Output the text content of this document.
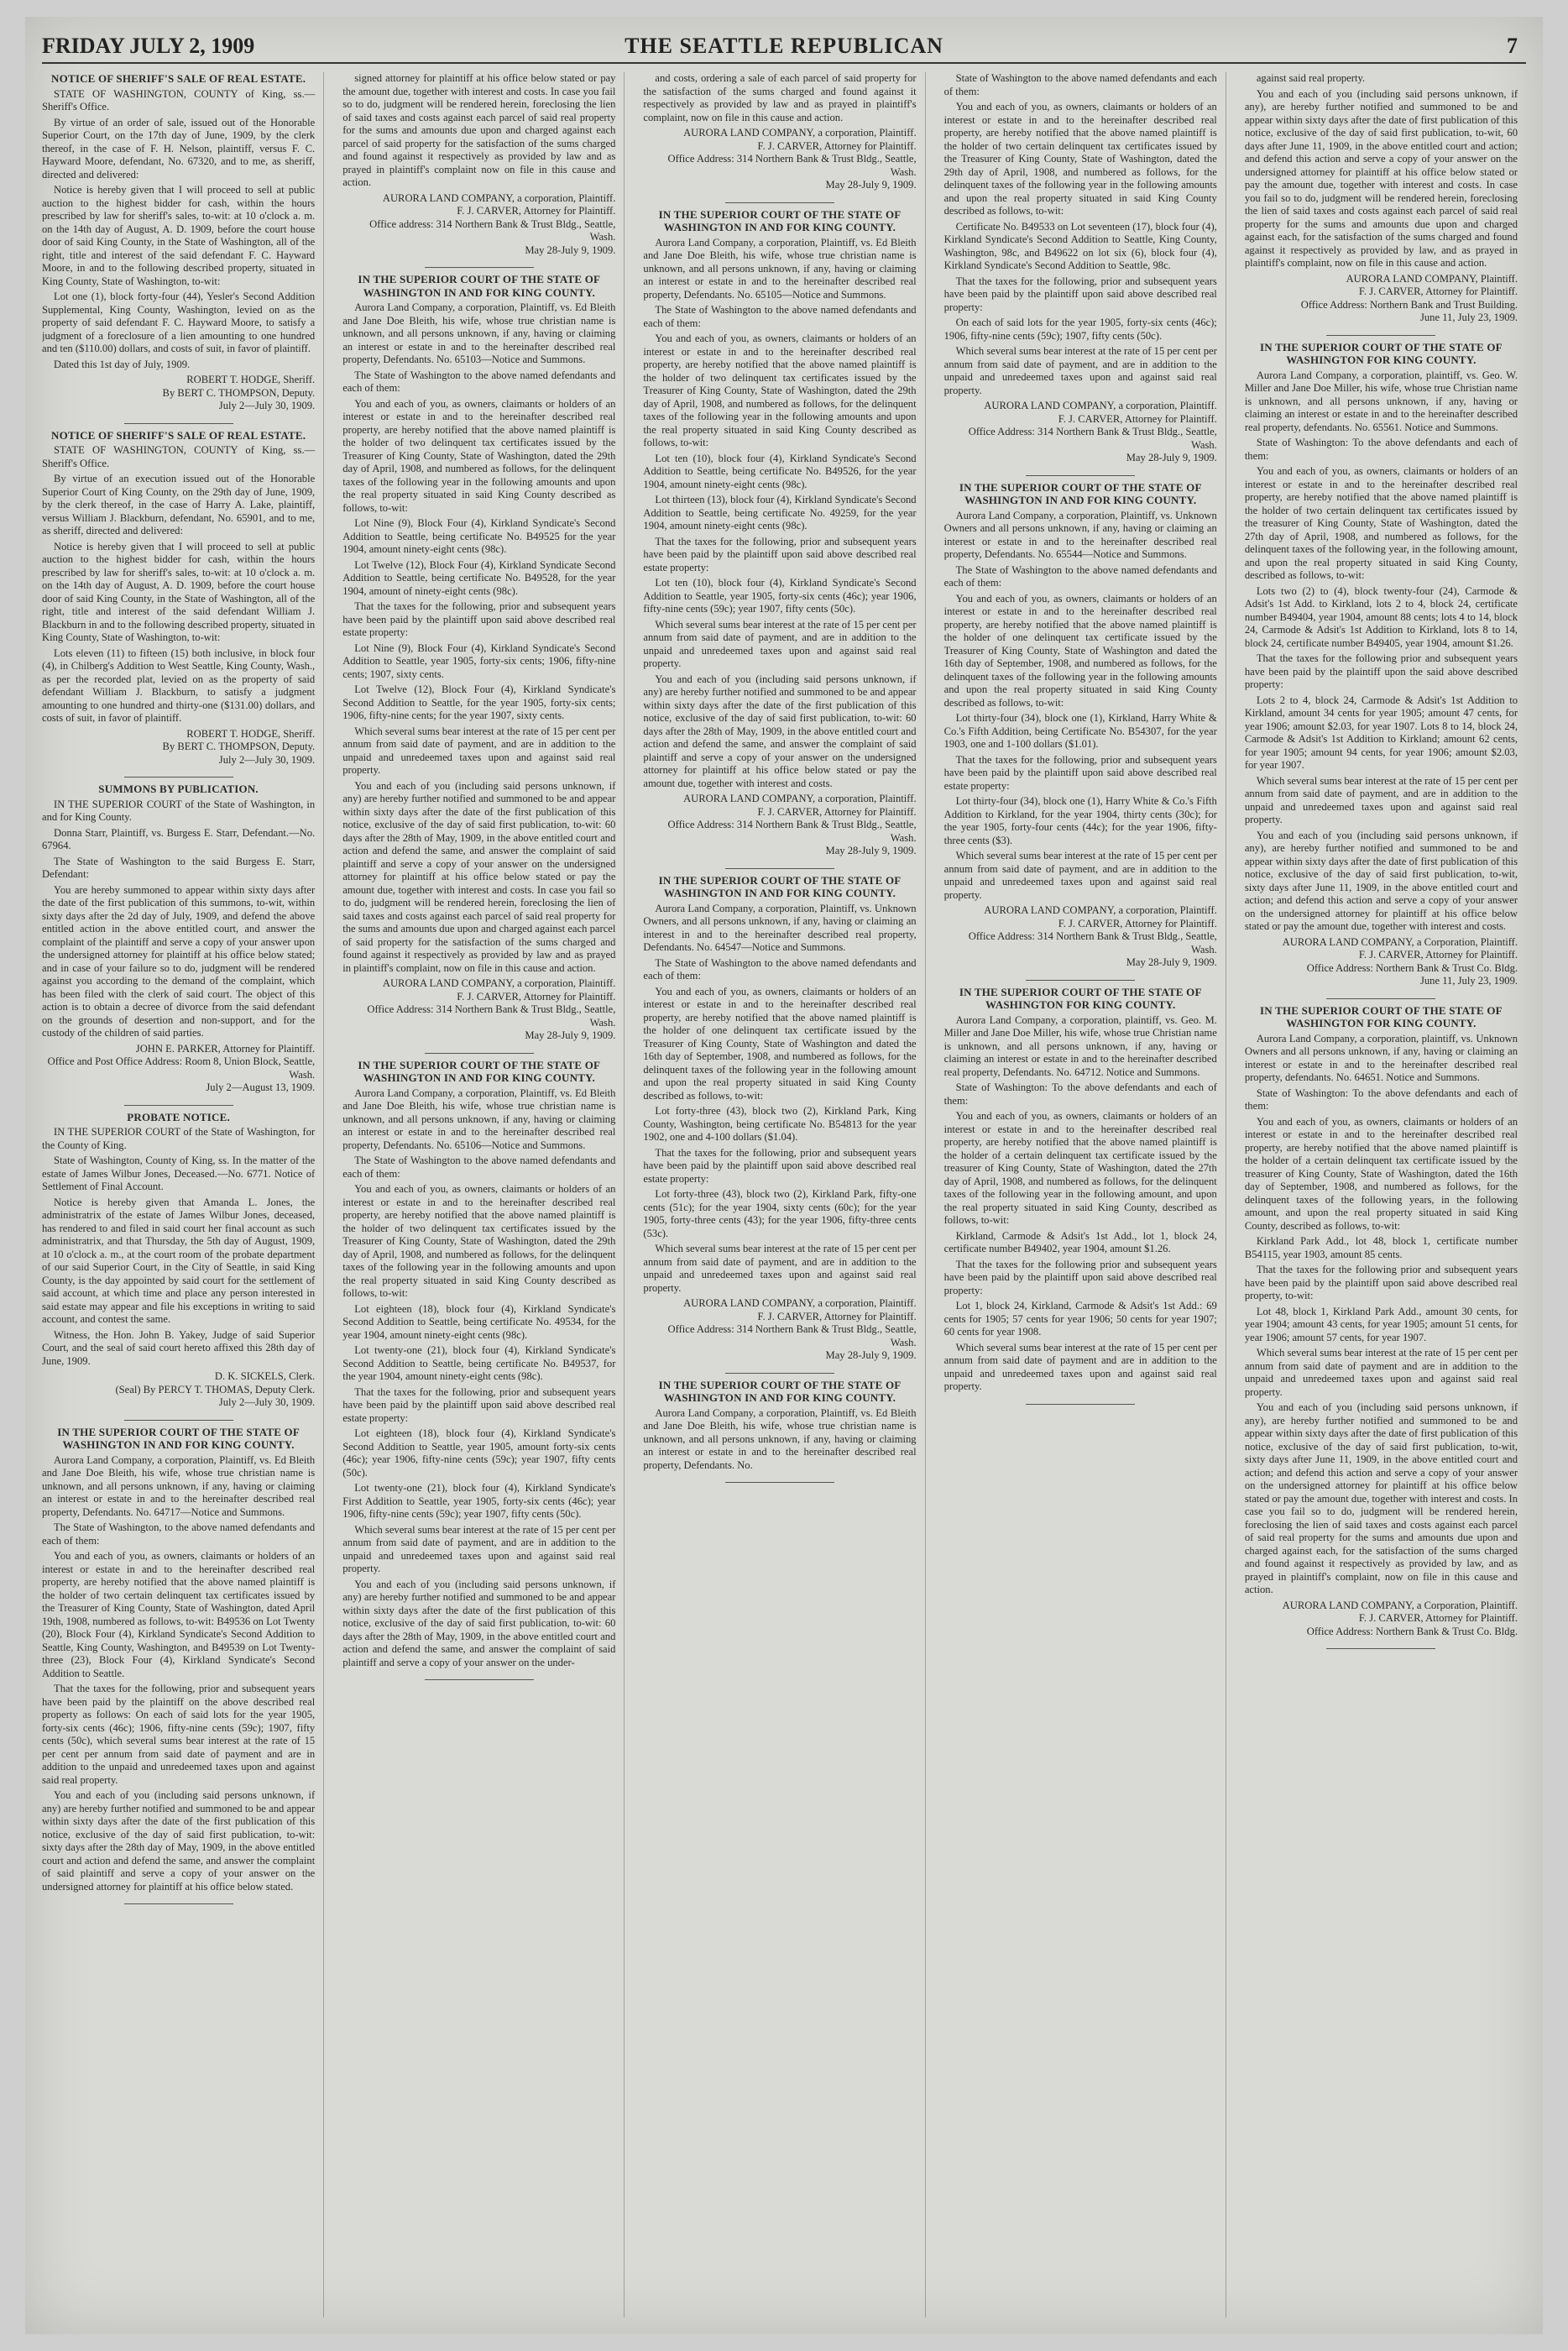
FRIDAY JULY 2, 1909	THE SEATTLE REPUBLICAN	7
NOTICE OF SHERIFF'S SALE OF REAL ESTATE.

STATE OF WASHINGTON, COUNTY of King, ss.—Sheriff's Office.

By virtue of an order of sale, issued out of the Honorable Superior Court, on the 17th day of June, 1909, by the clerk thereof, in the case of F. H. Nelson, plaintiff, versus F. C. Hayward Moore, defendant, No. 67320, and to me, as sheriff, directed and delivered:

Notice is hereby given that I will proceed to sell at public auction to the highest bidder for cash, within the hours prescribed by law for sheriff's sales, to-wit: at 10 o'clock a. m. on the 14th day of August, A. D. 1909, before the court house door of said King County, in the State of Washington, all of the right, title and interest of the said defendant F. C. Hayward Moore, in and to the following described property, situated in King County, State of Washington, to-wit:

Lot one (1), block forty-four (44), Yesler's Second Addition Supplemental, King County, Washington, levied on as the property of said defendant F. C. Hayward Moore, to satisfy a judgment of a foreclosure of a lien amounting to one hundred and ten ($110.00) dollars, and costs of suit, in favor of plaintiff.

Dated this 1st day of July, 1909.

ROBERT T. HODGE, Sheriff.

By BERT C. THOMPSON, Deputy.

July 2—July 30, 1909.

NOTICE OF SHERIFF'S SALE OF REAL ESTATE.

STATE OF WASHINGTON, COUNTY of King, ss.—Sheriff's Office.

By virtue of an execution issued out of the Honorable Superior Court of King County, on the 29th day of June, 1909, by the clerk thereof, in the case of Harry A. Lake, plaintiff, versus William J. Blackburn, defendant, No. 65901, and to me, as sheriff, directed and delivered:

Notice is hereby given that I will proceed to sell at public auction to the highest bidder for cash, within the hours prescribed by law for sheriff's sales, to-wit: at 10 o'clock a. m. on the 14th day of August, A. D. 1909, before the court house door of said King County, in the State of Washington, all of the right, title and interest of the said defendant William J. Blackburn in and to the following described property, situated in King County, State of Washington, to-wit:

Lots eleven (11) to fifteen (15) both inclusive, in block four (4), in Chilberg's Addition to West Seattle, King County, Wash., as per the recorded plat, levied on as the property of said defendant William J. Blackburn, to satisfy a judgment amounting to one hundred and thirty-one ($131.00) dollars, and costs of suit, in favor of plaintiff.

ROBERT T. HODGE, Sheriff.

By BERT C. THOMPSON, Deputy.

July 2—July 30, 1909.

SUMMONS BY PUBLICATION.

IN THE SUPERIOR COURT of the State of Washington, in and for King County.

Donna Starr, Plaintiff, vs. Burgess E. Starr, Defendant.—No. 67964.

The State of Washington to the said Burgess E. Starr, Defendant:

You are hereby summoned to appear within sixty days after the date of the first publication of this summons, to-wit, within sixty days after the 2d day of July, 1909, and defend the above entitled action in the above entitled court, and answer the complaint of the plaintiff and serve a copy of your answer upon the undersigned attorney for plaintiff at his office below stated; and in case of your failure so to do, judgment will be rendered against you according to the demand of the complaint, which has been filed with the clerk of said court. The object of this action is to obtain a decree of divorce from the said defendant on the grounds of desertion and non-support, and for the custody of the children of said parties.

JOHN E. PARKER, Attorney for Plaintiff.

Office and Post Office Address: Room 8, Union Block, Seattle, Wash.

July 2—August 13, 1909.

PROBATE NOTICE.

IN THE SUPERIOR COURT of the State of Washington, for the County of King.

State of Washington, County of King, ss. In the matter of the estate of James Wilbur Jones, Deceased.—No. 6771. Notice of Settlement of Final Account.

Notice is hereby given that Amanda L. Jones, the administratrix of the estate of James Wilbur Jones, deceased, has rendered to and filed in said court her final account as such administratrix, and that Thursday, the 5th day of August, 1909, at 10 o'clock a. m., at the court room of the probate department of our said Superior Court, in the City of Seattle, in said King County, is the day appointed by said court for the settlement of said account, at which time and place any person interested in said estate may appear and file his exceptions in writing to said account, and contest the same.

Witness, the Hon. John B. Yakey, Judge of said Superior Court, and the seal of said court hereto affixed this 28th day of June, 1909.

D. K. SICKELS, Clerk.

(Seal) By PERCY T. THOMAS, Deputy Clerk.

July 2—July 30, 1909.

IN THE SUPERIOR COURT OF THE STATE OF WASHINGTON IN AND FOR KING COUNTY.

Aurora Land Company, a corporation, Plaintiff, vs. Ed Bleith and Jane Doe Bleith, his wife, whose true christian name is unknown, and all persons unknown, if any, having or claiming an interest or estate in and to the hereinafter described real property, Defendants. No. 64717—Notice and Summons.

The State of Washington, to the above named defendants and each of them:

You and each of you, as owners, claimants or holders of an interest or estate in and to the hereinafter described real property, are hereby notified that the above named plaintiff is the holder of two certain delinquent tax certificates issued by the Treasurer of King County, State of Washington, dated April 19th, 1908, numbered as follows, to-wit: B49536 on Lot Twenty (20), Block Four (4), Kirkland Syndicate's Second Addition to Seattle, King County, Washington, and B49539 on Lot Twenty-three (23), Block Four (4), Kirkland Syndicate's Second Addition to Seattle.

That the taxes for the following, prior and subsequent years have been paid by the plaintiff on the above described real property as follows: On each of said lots for the year 1905, forty-six cents (46c); 1906, fifty-nine cents (59c); 1907, fifty cents (50c), which several sums bear interest at the rate of 15 per cent per annum from said date of payment and are in addition to the unpaid and unredeemed taxes upon and against said real property.

You and each of you (including said persons unknown, if any) are hereby further notified and summoned to be and appear within sixty days after the date of the first publication of this notice, exclusive of the day of said first publication, to-wit: sixty days after the 28th day of May, 1909, in the above entitled court and action and defend the same, and answer the complaint of said plaintiff and serve a copy of your answer on the undersigned attorney for plaintiff at his office below stated.

signed attorney for plaintiff at his office below stated or pay the amount due, together with interest and costs. In case you fail so to do, judgment will be rendered herein, foreclosing the lien of said taxes and costs against each parcel of said real property for the sums and amounts due upon and charged against each parcel of said property for the satisfaction of the sums charged and found against it respectively as provided by law and as prayed in plaintiff's complaint now on file in this cause and action.

AURORA LAND COMPANY, a corporation, Plaintiff.

F. J. CARVER, Attorney for Plaintiff.

Office address: 314 Northern Bank & Trust Bldg., Seattle, Wash.

May 28-July 9, 1909.

IN THE SUPERIOR COURT OF THE STATE OF WASHINGTON IN AND FOR KING COUNTY.

Aurora Land Company, a corporation, Plaintiff, vs. Ed Bleith and Jane Doe Bleith, his wife, whose true christian name is unknown, and all persons unknown, if any, having or claiming an interest or estate in and to the hereinafter described real property, Defendants. No. 65103—Notice and Summons.

The State of Washington to the above named defendants and each of them:

You and each of you, as owners, claimants or holders of an interest or estate in and to the hereinafter described real property, are hereby notified that the above named plaintiff is the holder of two delinquent tax certificates issued by the Treasurer of King County, State of Washington, dated the 29th day of April, 1908, and numbered as follows, for the delinquent taxes of the following year in the following amounts and upon the real property situated in said King County described as follows, to-wit:

Lot Nine (9), Block Four (4), Kirkland Syndicate's Second Addition to Seattle, being certificate No. B49525 for the year 1904, amount ninety-eight cents (98c).

Lot Twelve (12), Block Four (4), Kirkland Syndicate Second Addition to Seattle, being certificate No. B49528, for the year 1904, amount of ninety-eight cents (98c).

That the taxes for the following, prior and subsequent years have been paid by the plaintiff upon said above described real estate property:

Lot Nine (9), Block Four (4), Kirkland Syndicate's Second Addition to Seattle, year 1905, forty-six cents; 1906, fifty-nine cents; 1907, sixty cents.

Lot Twelve (12), Block Four (4), Kirkland Syndicate's Second Addition to Seattle, for the year 1905, forty-six cents; 1906, fifty-nine cents; for the year 1907, sixty cents.

Which several sums bear interest at the rate of 15 per cent per annum from said date of payment, and are in addition to the unpaid and unredeemed taxes upon and against said real property.

You and each of you (including said persons unknown, if any) are hereby further notified and summoned to be and appear within sixty days after the date of the first publication of this notice, exclusive of the day of said first publication, to-wit: 60 days after the 28th of May, 1909, in the above entitled court and action and defend the same, and answer the complaint of said plaintiff and serve a copy of your answer on the undersigned attorney for plaintiff at his office below stated or pay the amount due, together with interest and costs. In case you fail so to do, judgment will be rendered herein, foreclosing the lien of said taxes and costs against each parcel of said real property for the sums and amounts due upon and charged against each parcel of said property for the satisfaction of the sums charged and found against it respectively as provided by law and as prayed in plaintiff's complaint, now on file in this cause and action.

AURORA LAND COMPANY, a corporation, Plaintiff.

F. J. CARVER, Attorney for Plaintiff.

Office Address: 314 Northern Bank & Trust Bldg., Seattle, Wash.

May 28-July 9, 1909.

IN THE SUPERIOR COURT OF THE STATE OF WASHINGTON IN AND FOR KING COUNTY.

Aurora Land Company, a corporation, Plaintiff, vs. Ed Bleith and Jane Doe Bleith, his wife, whose true christian name is unknown, and all persons unknown, if any, having or claiming an interest or estate in and to the hereinafter described real property, Defendants. No. 65106—Notice and Summons.

The State of Washington to the above named defendants and each of them:

You and each of you, as owners, claimants or holders of an interest or estate in and to the hereinafter described real property, are hereby notified that the above named plaintiff is the holder of two delinquent tax certificates issued by the Treasurer of King County, State of Washington, dated the 29th day of April, 1908, and numbered as follows, for the delinquent taxes of the following year in the following amounts and upon the real property situated in said King County described as follows, to-wit:

Lot eighteen (18), block four (4), Kirkland Syndicate's Second Addition to Seattle, being certificate No. 49534, for the year 1904, amount ninety-eight cents (98c).

Lot twenty-one (21), block four (4), Kirkland Syndicate's Second Addition to Seattle, being certificate No. B49537, for the year 1904, amount ninety-eight cents (98c).

That the taxes for the following, prior and subsequent years have been paid by the plaintiff upon said above described real estate property:

Lot eighteen (18), block four (4), Kirkland Syndicate's Second Addition to Seattle, year 1905, amount forty-six cents (46c); year 1906, fifty-nine cents (59c); year 1907, fifty cents (50c).

Lot twenty-one (21), block four (4), Kirkland Syndicate's First Addition to Seattle, year 1905, forty-six cents (46c); year 1906, fifty-nine cents (59c); year 1907, fifty cents (50c).

Which several sums bear interest at the rate of 15 per cent per annum from said date of payment, and are in addition to the unpaid and unredeemed taxes upon and against said real property.

You and each of you (including said persons unknown, if any) are hereby further notified and summoned to be and appear within sixty days after the date of the first publication of this notice, exclusive of the day of said first publication, to-wit: 60 days after the 28th of May, 1909, in the above entitled court and action and defend the same, and answer the complaint of said plaintiff and serve a copy of your answer on the under-

and costs, ordering a sale of each parcel of said property for the satisfaction of the sums charged and found against it respectively as provided by law and as prayed in plaintiff's complaint, now on file in this cause and action.

AURORA LAND COMPANY, a corporation, Plaintiff.

F. J. CARVER, Attorney for Plaintiff.

Office Address: 314 Northern Bank & Trust Bldg., Seattle, Wash.

May 28-July 9, 1909.

IN THE SUPERIOR COURT OF THE STATE OF WASHINGTON IN AND FOR KING COUNTY.

Aurora Land Company, a corporation, Plaintiff, vs. Ed Bleith and Jane Doe Bleith, his wife, whose true christian name is unknown, and all persons unknown, if any, having or claiming an interest or estate in and to the hereinafter described real property, Defendants. No. 65105—Notice and Summons.

The State of Washington to the above named defendants and each of them:

You and each of you, as owners, claimants or holders of an interest or estate in and to the hereinafter described real property, are hereby notified that the above named plaintiff is the holder of two delinquent tax certificates issued by the Treasurer of King County, State of Washington, dated the 29th day of April, 1908, and numbered as follows, for the delinquent taxes of the following year in the following amounts and upon the real property situated in said King County described as follows, to-wit:

Lot ten (10), block four (4), Kirkland Syndicate's Second Addition to Seattle, being certificate No. B49526, for the year 1904, amount ninety-eight cents (98c).

Lot thirteen (13), block four (4), Kirkland Syndicate's Second Addition to Seattle, being certificate No. 49259, for the year 1904, amount ninety-eight cents (98c).

That the taxes for the following, prior and subsequent years have been paid by the plaintiff upon said above described real estate property:

Lot ten (10), block four (4), Kirkland Syndicate's Second Addition to Seattle, year 1905, forty-six cents (46c); year 1906, fifty-nine cents (59c); year 1907, fifty cents (50c).

Which several sums bear interest at the rate of 15 per cent per annum from said date of payment, and are in addition to the unpaid and unredeemed taxes upon and against said real property.

You and each of you (including said persons unknown, if any) are hereby further notified and summoned to be and appear within sixty days after the date of the first publication of this notice, exclusive of the day of said first publication, to-wit: 60 days after the 28th of May, 1909, in the above entitled court and action and defend the same, and answer the complaint of said plaintiff and serve a copy of your answer on the undersigned attorney for plaintiff at his office below stated or pay the amount due, together with interest and costs.

AURORA LAND COMPANY, a corporation, Plaintiff.

F. J. CARVER, Attorney for Plaintiff.

Office Address: 314 Northern Bank & Trust Bldg., Seattle, Wash.

May 28-July 9, 1909.

IN THE SUPERIOR COURT OF THE STATE OF WASHINGTON IN AND FOR KING COUNTY.

Aurora Land Company, a corporation, Plaintiff, vs. Unknown Owners, and all persons unknown, if any, having or claiming an interest in and to the hereinafter described real property, Defendants. No. 64547—Notice and Summons.

The State of Washington to the above named defendants and each of them:

You and each of you, as owners, claimants or holders of an interest or estate in and to the hereinafter described real property, are hereby notified that the above named plaintiff is the holder of one delinquent tax certificate issued by the Treasurer of King County, State of Washington and dated the 16th day of September, 1908, and numbered as follows, for the delinquent taxes of the following year in the following amount and upon the real property situated in said King County described as follows, to-wit:

Lot forty-three (43), block two (2), Kirkland Park, King County, Washington, being certificate No. B54813 for the year 1902, one and 4-100 dollars ($1.04).

That the taxes for the following, prior and subsequent years have been paid by the plaintiff upon said above described real estate property:

Lot forty-three (43), block two (2), Kirkland Park, fifty-one cents (51c); for the year 1904, sixty cents (60c); for the year 1905, forty-three cents (43); for the year 1906, fifty-three cents (53c).

Which several sums bear interest at the rate of 15 per cent per annum from said date of payment, and are in addition to the unpaid and unredeemed taxes upon and against said real property.

AURORA LAND COMPANY, a corporation, Plaintiff.

F. J. CARVER, Attorney for Plaintiff.

Office Address: 314 Northern Bank & Trust Bldg., Seattle, Wash.

May 28-July 9, 1909.

IN THE SUPERIOR COURT OF THE STATE OF WASHINGTON IN AND FOR KING COUNTY.

Aurora Land Company, a corporation, Plaintiff, vs. Ed Bleith and Jane Doe Bleith, his wife, whose true christian name is unknown, and all persons unknown, if any, having or claiming an interest or estate in and to the hereinafter described real property, Defendants. No.

State of Washington to the above named defendants and each of them:

You and each of you, as owners, claimants or holders of an interest or estate in and to the hereinafter described real property, are hereby notified that the above named plaintiff is the holder of two certain delinquent tax certificates issued by the Treasurer of King County, State of Washington, dated the 29th day of April, 1908, and numbered as follows, for the delinquent taxes of the following year in the following amounts and upon the real property situated in said King County described as follows, to-wit:

Certificate No. B49533 on Lot seventeen (17), block four (4), Kirkland Syndicate's Second Addition to Seattle, King County, Washington, 98c, and B49622 on lot six (6), block four (4), Kirkland Syndicate's Second Addition to Seattle, 98c.

That the taxes for the following, prior and subsequent years have been paid by the plaintiff upon said above described real property:

On each of said lots for the year 1905, forty-six cents (46c); 1906, fifty-nine cents (59c); 1907, fifty cents (50c).

Which several sums bear interest at the rate of 15 per cent per annum from said date of payment, and are in addition to the unpaid and unredeemed taxes upon and against said real property.

AURORA LAND COMPANY, a corporation, Plaintiff.

F. J. CARVER, Attorney for Plaintiff.

Office Address: 314 Northern Bank & Trust Bldg., Seattle, Wash.

May 28-July 9, 1909.

IN THE SUPERIOR COURT OF THE STATE OF WASHINGTON IN AND FOR KING COUNTY.

Aurora Land Company, a corporation, Plaintiff, vs. Unknown Owners and all persons unknown, if any, having or claiming an interest or estate in and to the hereinafter described real property, Defendants. No. 65544—Notice and Summons.

The State of Washington to the above named defendants and each of them:

You and each of you, as owners, claimants or holders of an interest or estate in and to the hereinafter described real property, are hereby notified that the above named plaintiff is the holder of one delinquent tax certificate issued by the Treasurer of King County, State of Washington and dated the 16th day of September, 1908, and numbered as follows, for the delinquent taxes of the following year in the following amounts and upon the real property situated in said King County described as follows, to-wit:

Lot thirty-four (34), block one (1), Kirkland, Harry White & Co.'s Fifth Addition, being Certificate No. B54307, for the year 1903, one and 1-100 dollars ($1.01).

That the taxes for the following, prior and subsequent years have been paid by the plaintiff upon said above described real estate property:

Lot thirty-four (34), block one (1), Harry White & Co.'s Fifth Addition to Kirkland, for the year 1904, thirty cents (30c); for the year 1905, forty-four cents (44c); for the year 1906, fifty-three cents ($3).

Which several sums bear interest at the rate of 15 per cent per annum from said date of payment, and are in addition to the unpaid and unredeemed taxes upon and against said real property.

AURORA LAND COMPANY, a corporation, Plaintiff.

F. J. CARVER, Attorney for Plaintiff.

Office Address: 314 Northern Bank & Trust Bldg., Seattle, Wash.

May 28-July 9, 1909.

IN THE SUPERIOR COURT OF THE STATE OF WASHINGTON FOR KING COUNTY.

Aurora Land Company, a corporation, plaintiff, vs. Geo. M. Miller and Jane Doe Miller, his wife, whose true Christian name is unknown, and all persons unknown, if any, having or claiming an interest or estate in and to the hereinafter described real property, Defendants. No. 64712. Notice and Summons.

State of Washington: To the above defendants and each of them:

You and each of you, as owners, claimants or holders of an interest or estate in and to the hereinafter described real property, are hereby notified that the above named plaintiff is the holder of a certain delinquent tax certificate issued by the treasurer of King County, State of Washington, dated the 27th day of April, 1908, and numbered as follows, for the delinquent taxes of the following year in the following amount, and upon the real property situated in said King County, described as follows, to-wit:

Kirkland, Carmode & Adsit's 1st Add., lot 1, block 24, certificate number B49402, year 1904, amount $1.26.

That the taxes for the following prior and subsequent years have been paid by the plaintiff upon said above described real property:

Lot 1, block 24, Kirkland, Carmode & Adsit's 1st Add.: 69 cents for 1905; 57 cents for year 1906; 50 cents for year 1907; 60 cents for year 1908.

Which several sums bear interest at the rate of 15 per cent per annum from said date of payment and are in addition to the unpaid and unredeemed taxes upon and against said real property.

against said real property.

You and each of you (including said persons unknown, if any), are hereby further notified and summoned to be and appear within sixty days after the date of first publication of this notice, exclusive of the day of said first publication, to-wit, 60 days after June 11, 1909, in the above entitled court and action; and defend this action and serve a copy of your answer on the undersigned attorney for plaintiff at his office below stated or pay the amount due, together with interest and costs. In case you fail so to do, judgment will be rendered herein, foreclosing the lien of said taxes and costs against each parcel of said real property for the sums and amounts due upon and charged against each, for the satisfaction of the sums charged and found against it respectively as provided by law, and as prayed in plaintiff's complaint, now on file in this cause and action.

AURORA LAND COMPANY, Plaintiff.

F. J. CARVER, Attorney for Plaintiff.

Office Address: Northern Bank and Trust Building.

June 11, July 23, 1909.

IN THE SUPERIOR COURT OF THE STATE OF WASHINGTON FOR KING COUNTY.

Aurora Land Company, a corporation, plaintiff, vs. Geo. W. Miller and Jane Doe Miller, his wife, whose true Christian name is unknown, and all persons unknown, if any, having or claiming an interest or estate in and to the hereinafter described real property, defendants. No. 65561. Notice and Summons.

State of Washington: To the above defendants and each of them:

You and each of you, as owners, claimants or holders of an interest or estate in and to the hereinafter described real property, are hereby notified that the above named plaintiff is the holder of two certain delinquent tax certificates issued by the treasurer of King County, State of Washington, dated the 27th day of April, 1908, and numbered as follows, for the delinquent taxes of the following year, in the following amount, and upon the real property situated in said King County, described as follows, to-wit:

Lots two (2) to (4), block twenty-four (24), Carmode & Adsit's 1st Add. to Kirkland, lots 2 to 4, block 24, certificate number B49404, year 1904, amount 88 cents; lots 4 to 14, block 24, Carmode & Adsit's 1st Addition to Kirkland, lots 8 to 14, block 24, certificate number B49405, year 1904, amount $1.26.

That the taxes for the following prior and subsequent years have been paid by the plaintiff upon the said above described property:

Lots 2 to 4, block 24, Carmode & Adsit's 1st Addition to Kirkland, amount 34 cents for year 1905; amount 47 cents, for year 1906; amount $2.03, for year 1907. Lots 8 to 14, block 24, Carmode & Adsit's 1st Addition to Kirkland; amount 62 cents, for year 1905; amount 94 cents, for year 1906; amount $2.03, for year 1907.

Which several sums bear interest at the rate of 15 per cent per annum from said date of payment, and are in addition to the unpaid and unredeemed taxes upon and against said real property.

You and each of you (including said persons unknown, if any), are hereby further notified and summoned to be and appear within sixty days after the date of first publication of this notice, exclusive of the day of said first publication, to-wit, sixty days after June 11, 1909, in the above entitled court and action; and defend this action and serve a copy of your answer on the undersigned attorney for plaintiff at his office below stated or pay the amount due, together with interest and costs.

AURORA LAND COMPANY, a Corporation, Plaintiff.

F. J. CARVER, Attorney for Plaintiff.

Office Address: Northern Bank & Trust Co. Bldg.

June 11, July 23, 1909.

IN THE SUPERIOR COURT OF THE STATE OF WASHINGTON FOR KING COUNTY.

Aurora Land Company, a corporation, plaintiff, vs. Unknown Owners and all persons unknown, if any, having or claiming an interest or estate in and to the hereinafter described real property, defendants. No. 64651. Notice and Summons.

State of Washington: To the above defendants and each of them:

You and each of you, as owners, claimants or holders of an interest or estate in and to the hereinafter described real property, are hereby notified that the above named plaintiff is the holder of a certain delinquent tax certificate issued by the treasurer of King County, State of Washington, dated the 16th day of September, 1908, and numbered as follows, for the delinquent taxes of the following years, in the following amount, and upon the real property situated in said King County, described as follows, to-wit:

Kirkland Park Add., lot 48, block 1, certificate number B54115, year 1903, amount 85 cents.

That the taxes for the following prior and subsequent years have been paid by the plaintiff upon said above described real property, to-wit:

Lot 48, block 1, Kirkland Park Add., amount 30 cents, for year 1904; amount 43 cents, for year 1905; amount 51 cents, for year 1906; amount 57 cents, for year 1907.

Which several sums bear interest at the rate of 15 per cent per annum from said date of payment and are in addition to the unpaid and unredeemed taxes upon and against said real property.

You and each of you (including said persons unknown, if any), are hereby further notified and summoned to be and appear within sixty days after the date of first publication of this notice, exclusive of the day of said first publication, to-wit, sixty days after June 11, 1909, in the above entitled court and action; and defend this action and serve a copy of your answer on the undersigned attorney for plaintiff at his office below stated or pay the amount due, together with interest and costs. In case you fail so to do, judgment will be rendered herein, foreclosing the lien of said taxes and costs against each parcel of said real property for the sums and amounts due upon and charged against each, for the satisfaction of the sums charged and found against it respectively as provided by law, and as prayed in plaintiff's complaint, now on file in this cause and action.

AURORA LAND COMPANY, a Corporation, Plaintiff.

F. J. CARVER, Attorney for Plaintiff.

Office Address: Northern Bank & Trust Co. Bldg.
